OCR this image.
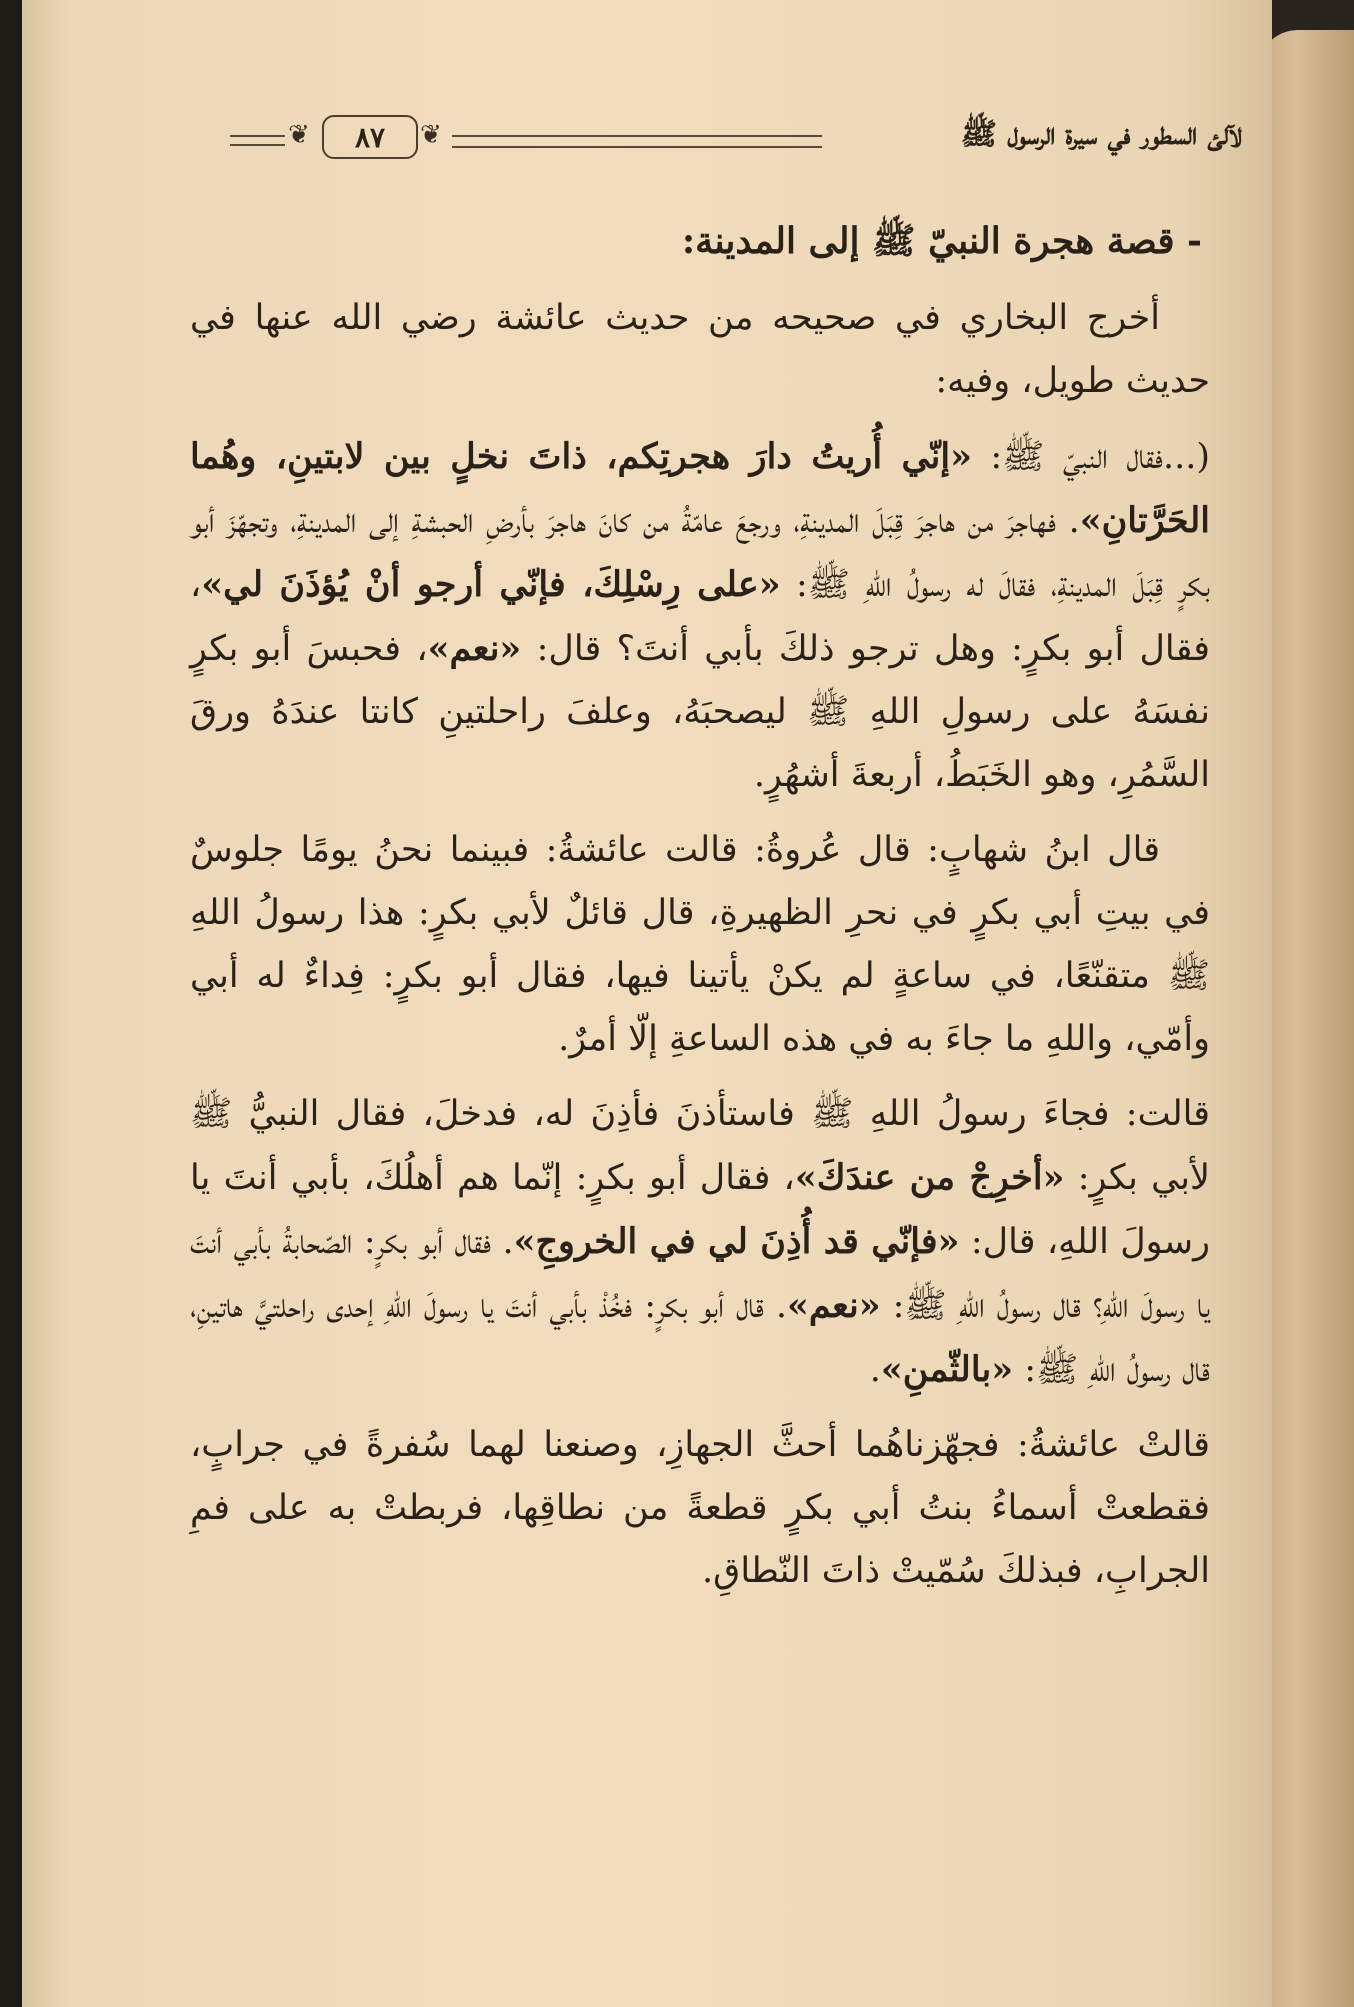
❦	٨٧	❦	لآلئ السطور في سيرة الرسول ﷺ
- قصة هجرة النبيّ ﷺ إلى المدينة:

أخرج البخاري في صحيحه من حديث عائشة رضي الله عنها في حديث طويل، وفيه:

(...فقال النبيّ ﷺ: «إنّي أُريتُ دارَ هجرتِكم، ذاتَ نخلٍ بين لابتينِ، وهُما الحَرَّتانِ». فهاجرَ من هاجرَ قِبَلَ المدينةِ، ورجعَ عامّةُ من كانَ هاجرَ بأرضِ الحبشةِ إلى المدينةِ، وتجهّزَ أبو بكرٍ قِبَلَ المدينةِ، فقالَ له رسولُ اللهِ ﷺ: «على رِسْلِكَ، فإنّي أرجو أنْ يُؤذَنَ لي»، فقال أبو بكرٍ: وهل ترجو ذلكَ بأبي أنتَ؟ قال: «نعم»، فحبسَ أبو بكرٍ نفسَهُ على رسولِ اللهِ ﷺ ليصحبَهُ، وعلفَ راحلتينِ كانتا عندَهُ ورقَ السَّمُرِ، وهو الخَبَطُ، أربعةَ أشهُرٍ.

قال ابنُ شهابٍ: قال عُروةُ: قالت عائشةُ: فبينما نحنُ يومًا جلوسٌ في بيتِ أبي بكرٍ في نحرِ الظهيرةِ، قال قائلٌ لأبي بكرٍ: هذا رسولُ اللهِ ﷺ متقنّعًا، في ساعةٍ لم يكنْ يأتينا فيها، فقال أبو بكرٍ: فِداءٌ له أبي وأمّي، واللهِ ما جاءَ به في هذه الساعةِ إلّا أمرٌ.

قالت: فجاءَ رسولُ اللهِ ﷺ فاستأذنَ فأذِنَ له، فدخلَ، فقال النبيُّ ﷺ لأبي بكرٍ: «أخرِجْ من عندَكَ»، فقال أبو بكرٍ: إنّما هم أهلُكَ، بأبي أنتَ يا رسولَ اللهِ، قال: «فإنّي قد أُذِنَ لي في الخروجِ». فقال أبو بكرٍ: الصّحابةُ بأبي أنتَ يا رسولَ اللهِ؟ قال رسولُ اللهِ ﷺ: «نعم». قال أبو بكرٍ: فخُذْ بأبي أنتَ يا رسولَ اللهِ إحدى راحلتيَّ هاتينِ، قال رسولُ اللهِ ﷺ: «بالثّمنِ».

قالتْ عائشةُ: فجهّزناهُما أحثَّ الجهازِ، وصنعنا لهما سُفرةً في جرابٍ، فقطعتْ أسماءُ بنتُ أبي بكرٍ قطعةً من نطاقِها، فربطتْ به على فمِ الجرابِ، فبذلكَ سُمّيتْ ذاتَ النّطاقِ.
